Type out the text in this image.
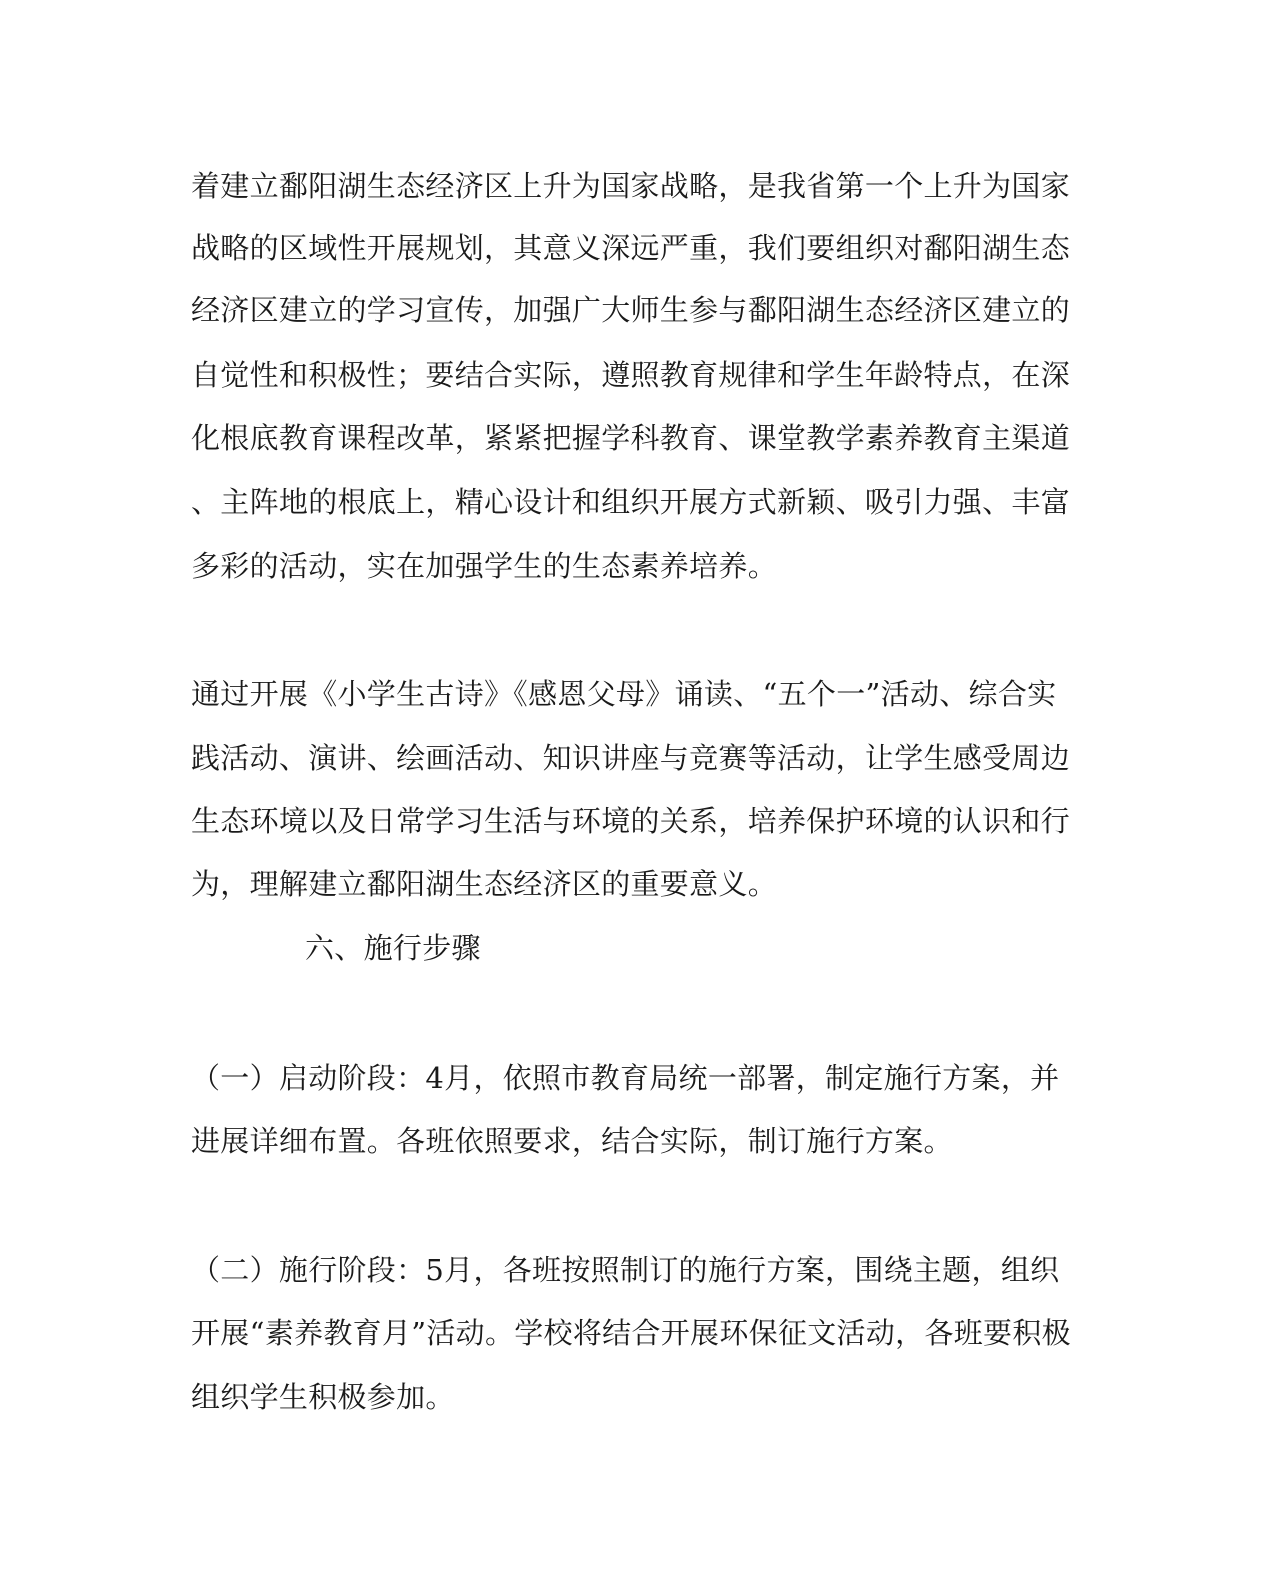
着建立鄱阳湖生态经济区上升为国家战略，是我省第一个上升为国家
战略的区域性开展规划，其意义深远严重，我们要组织对鄱阳湖生态
经济区建立的学习宣传，加强广大师生参与鄱阳湖生态经济区建立的
自觉性和积极性；要结合实际，遵照教育规律和学生年龄特点，在深
化根底教育课程改革，紧紧把握学科教育、课堂教学素养教育主渠道
、主阵地的根底上，精心设计和组织开展方式新颖、吸引力强、丰富
多彩的活动，实在加强学生的生态素养培养。
通过开展《小学生古诗》《感恩父母》诵读、“五个一”活动、综合实
践活动、演讲、绘画活动、知识讲座与竞赛等活动，让学生感受周边
生态环境以及日常学习生活与环境的关系，培养保护环境的认识和行
为，理解建立鄱阳湖生态经济区的重要意义。
六、施行步骤
（一）启动阶段：4月，依照市教育局统一部署，制定施行方案，并
进展详细布置。各班依照要求，结合实际，制订施行方案。
（二）施行阶段：5月，各班按照制订的施行方案，围绕主题，组织
开展“素养教育月”活动。学校将结合开展环保征文活动，各班要积极
组织学生积极参加。
